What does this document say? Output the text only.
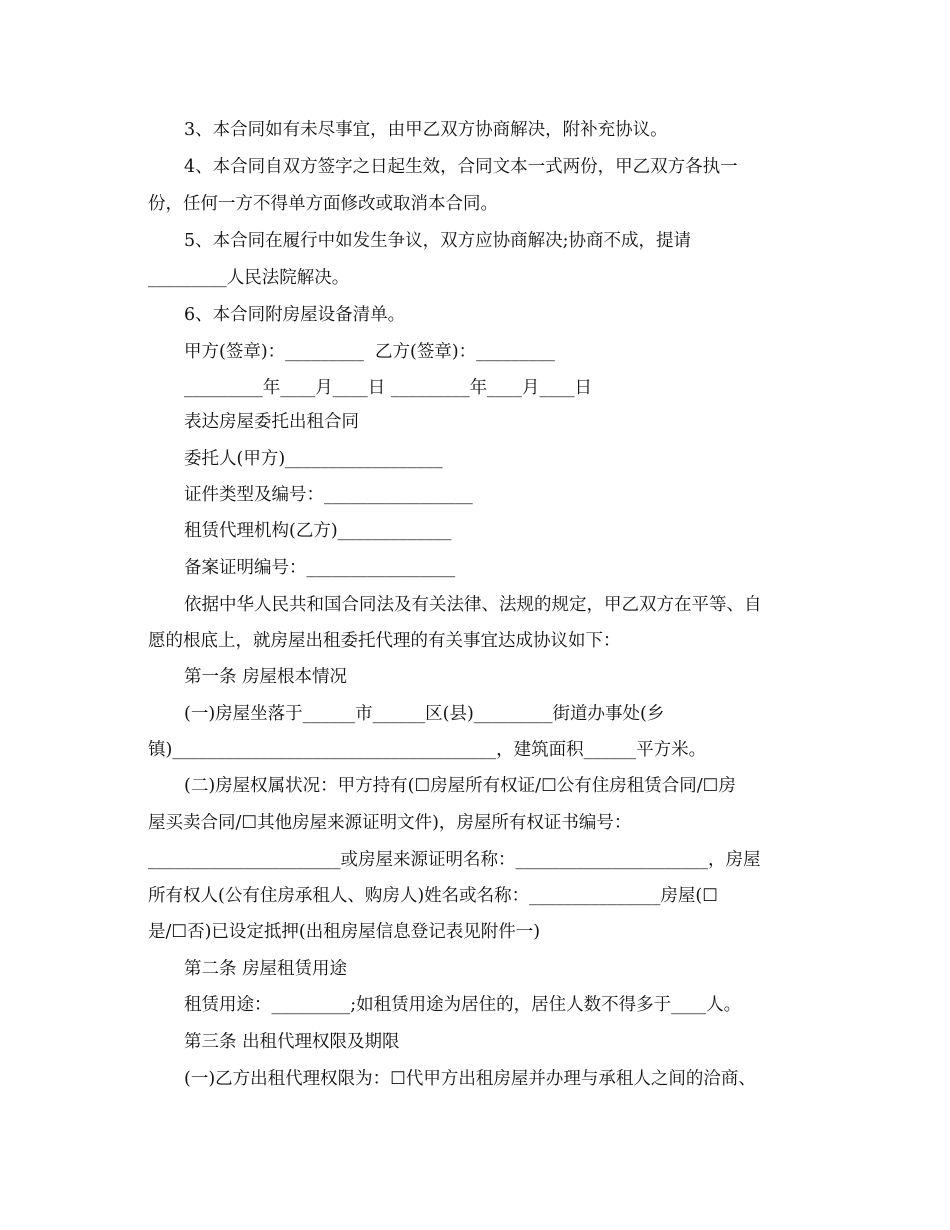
3、本合同如有未尽事宜，由甲乙双方协商解决，附补充协议。
4、本合同自双方签字之日起生效，合同文本一式两份，甲乙双方各执一
份，任何一方不得单方面修改或取消本合同。
5、本合同在履行中如发生争议，双方应协商解决;协商不成，提请
_________人民法院解决。
6、本合同附房屋设备清单。
甲方(签章)：_________  乙方(签章)：_________
_________年____月____日 _________年____月____日
表达房屋委托出租合同
委托人(甲方)__________________
证件类型及编号：_________________
租赁代理机构(乙方)_____________
备案证明编号：_________________
依据中华人民共和国合同法及有关法律、法规的规定，甲乙双方在平等、自
愿的根底上，就房屋出租委托代理的有关事宜达成协议如下：
第一条 房屋根本情况
(一)房屋坐落于______市______区(县)_________街道办事处(乡
镇)_____________________________________，建筑面积______平方米。
(二)房屋权属状况：甲方持有(☐房屋所有权证/☐公有住房租赁合同/☐房
屋买卖合同/☐其他房屋来源证明文件)，房屋所有权证书编号：
______________________或房屋来源证明名称：______________________，房屋
所有权人(公有住房承租人、购房人)姓名或名称：_______________房屋(☐
是/☐否)已设定抵押(出租房屋信息登记表见附件一)
第二条 房屋租赁用途
租赁用途：_________;如租赁用途为居住的，居住人数不得多于____人。
第三条 出租代理权限及期限
(一)乙方出租代理权限为：☐代甲方出租房屋并办理与承租人之间的洽商、
